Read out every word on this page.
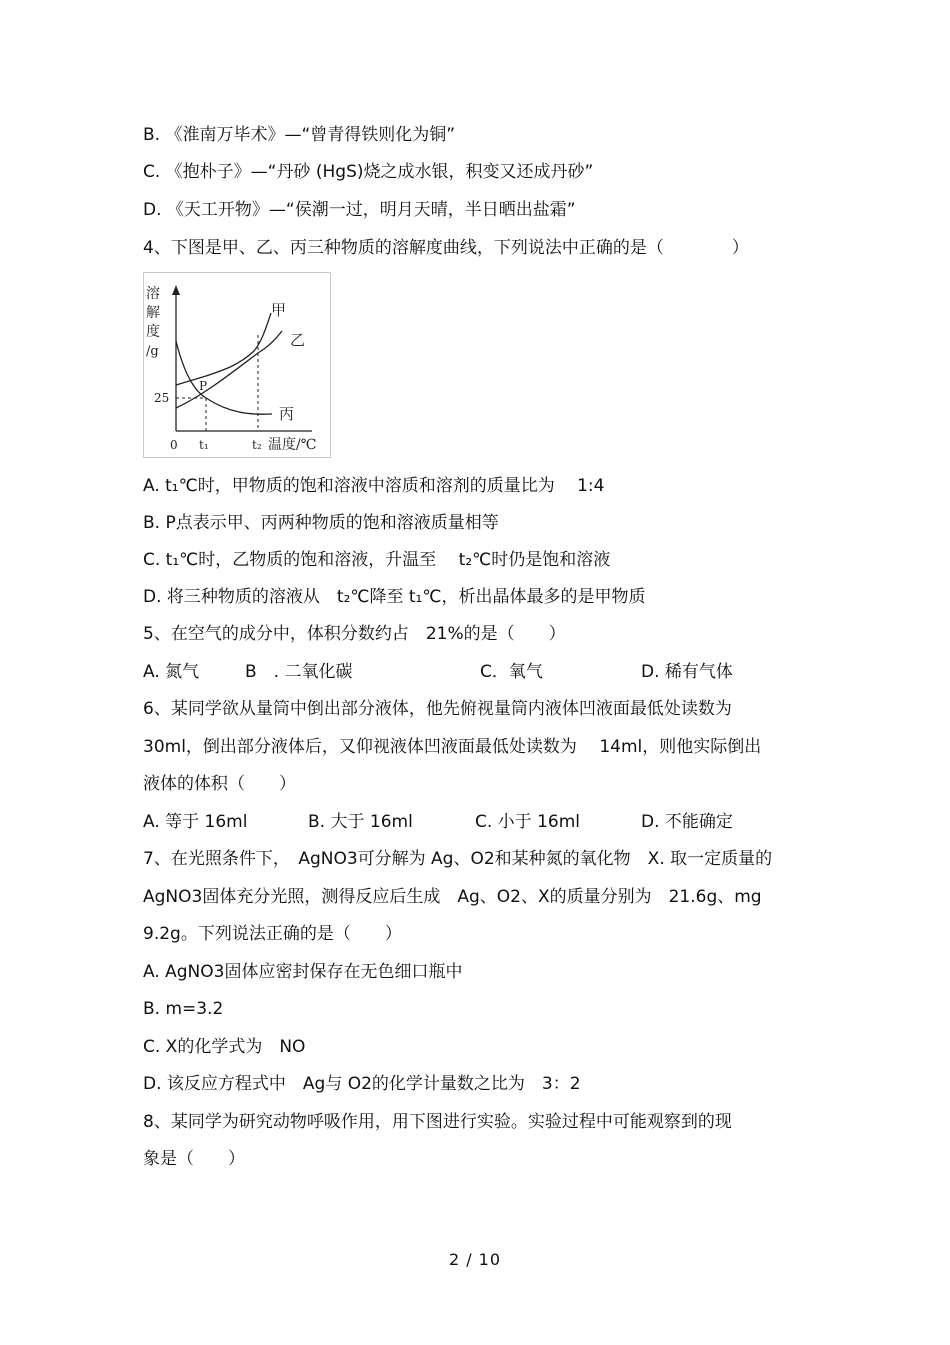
B. 《淮南万毕术》—“曾青得铁则化为铜”
C. 《抱朴子》—“丹砂 (HgS)烧之成水银，积变又还成丹砂”
D. 《天工开物》—“侯潮一过，明月天晴，半日晒出盐霜”
4、下图是甲、乙、丙三种物质的溶解度曲线，下列说法中正确的是（　　　　）
溶
解
度
/g
25
0 t₁	t₂ 温度/℃
P
甲
乙
丙
A. t₁℃时，甲物质的饱和溶液中溶质和溶剂的质量比为　 1:4
B. P点表示甲、丙两种物质的饱和溶液质量相等
C. t₁℃时，乙物质的饱和溶液，升温至　 t₂℃时仍是饱和溶液
D. 将三种物质的溶液从　t₂℃降至 t₁℃，析出晶体最多的是甲物质
5、在空气的成分中，体积分数约占　21%的是（　　）
A. 氮气	B　. 二氧化碳	C．氧气	D. 稀有气体
6、某同学欲从量筒中倒出部分液体，他先俯视量筒内液体凹液面最低处读数为
30ml，倒出部分液体后，又仰视液体凹液面最低处读数为　 14ml，则他实际倒出
液体的体积（　　）
A. 等于 16ml	B. 大于 16ml	C. 小于 16ml	D. 不能确定
7、在光照条件下，　AgNO3可分解为 Ag、O2和某种氮的氧化物　X. 取一定质量的
AgNO3固体充分光照，测得反应后生成　Ag、O2、X的质量分别为　21.6g、mg
9.2g。下列说法正确的是（　　）
A. AgNO3固体应密封保存在无色细口瓶中
B. m=3.2
C. X的化学式为　NO
D. 该反应方程式中　Ag与 O2的化学计量数之比为　3：2
8、某同学为研究动物呼吸作用，用下图进行实验。实验过程中可能观察到的现
象是（　　）
2 / 10
